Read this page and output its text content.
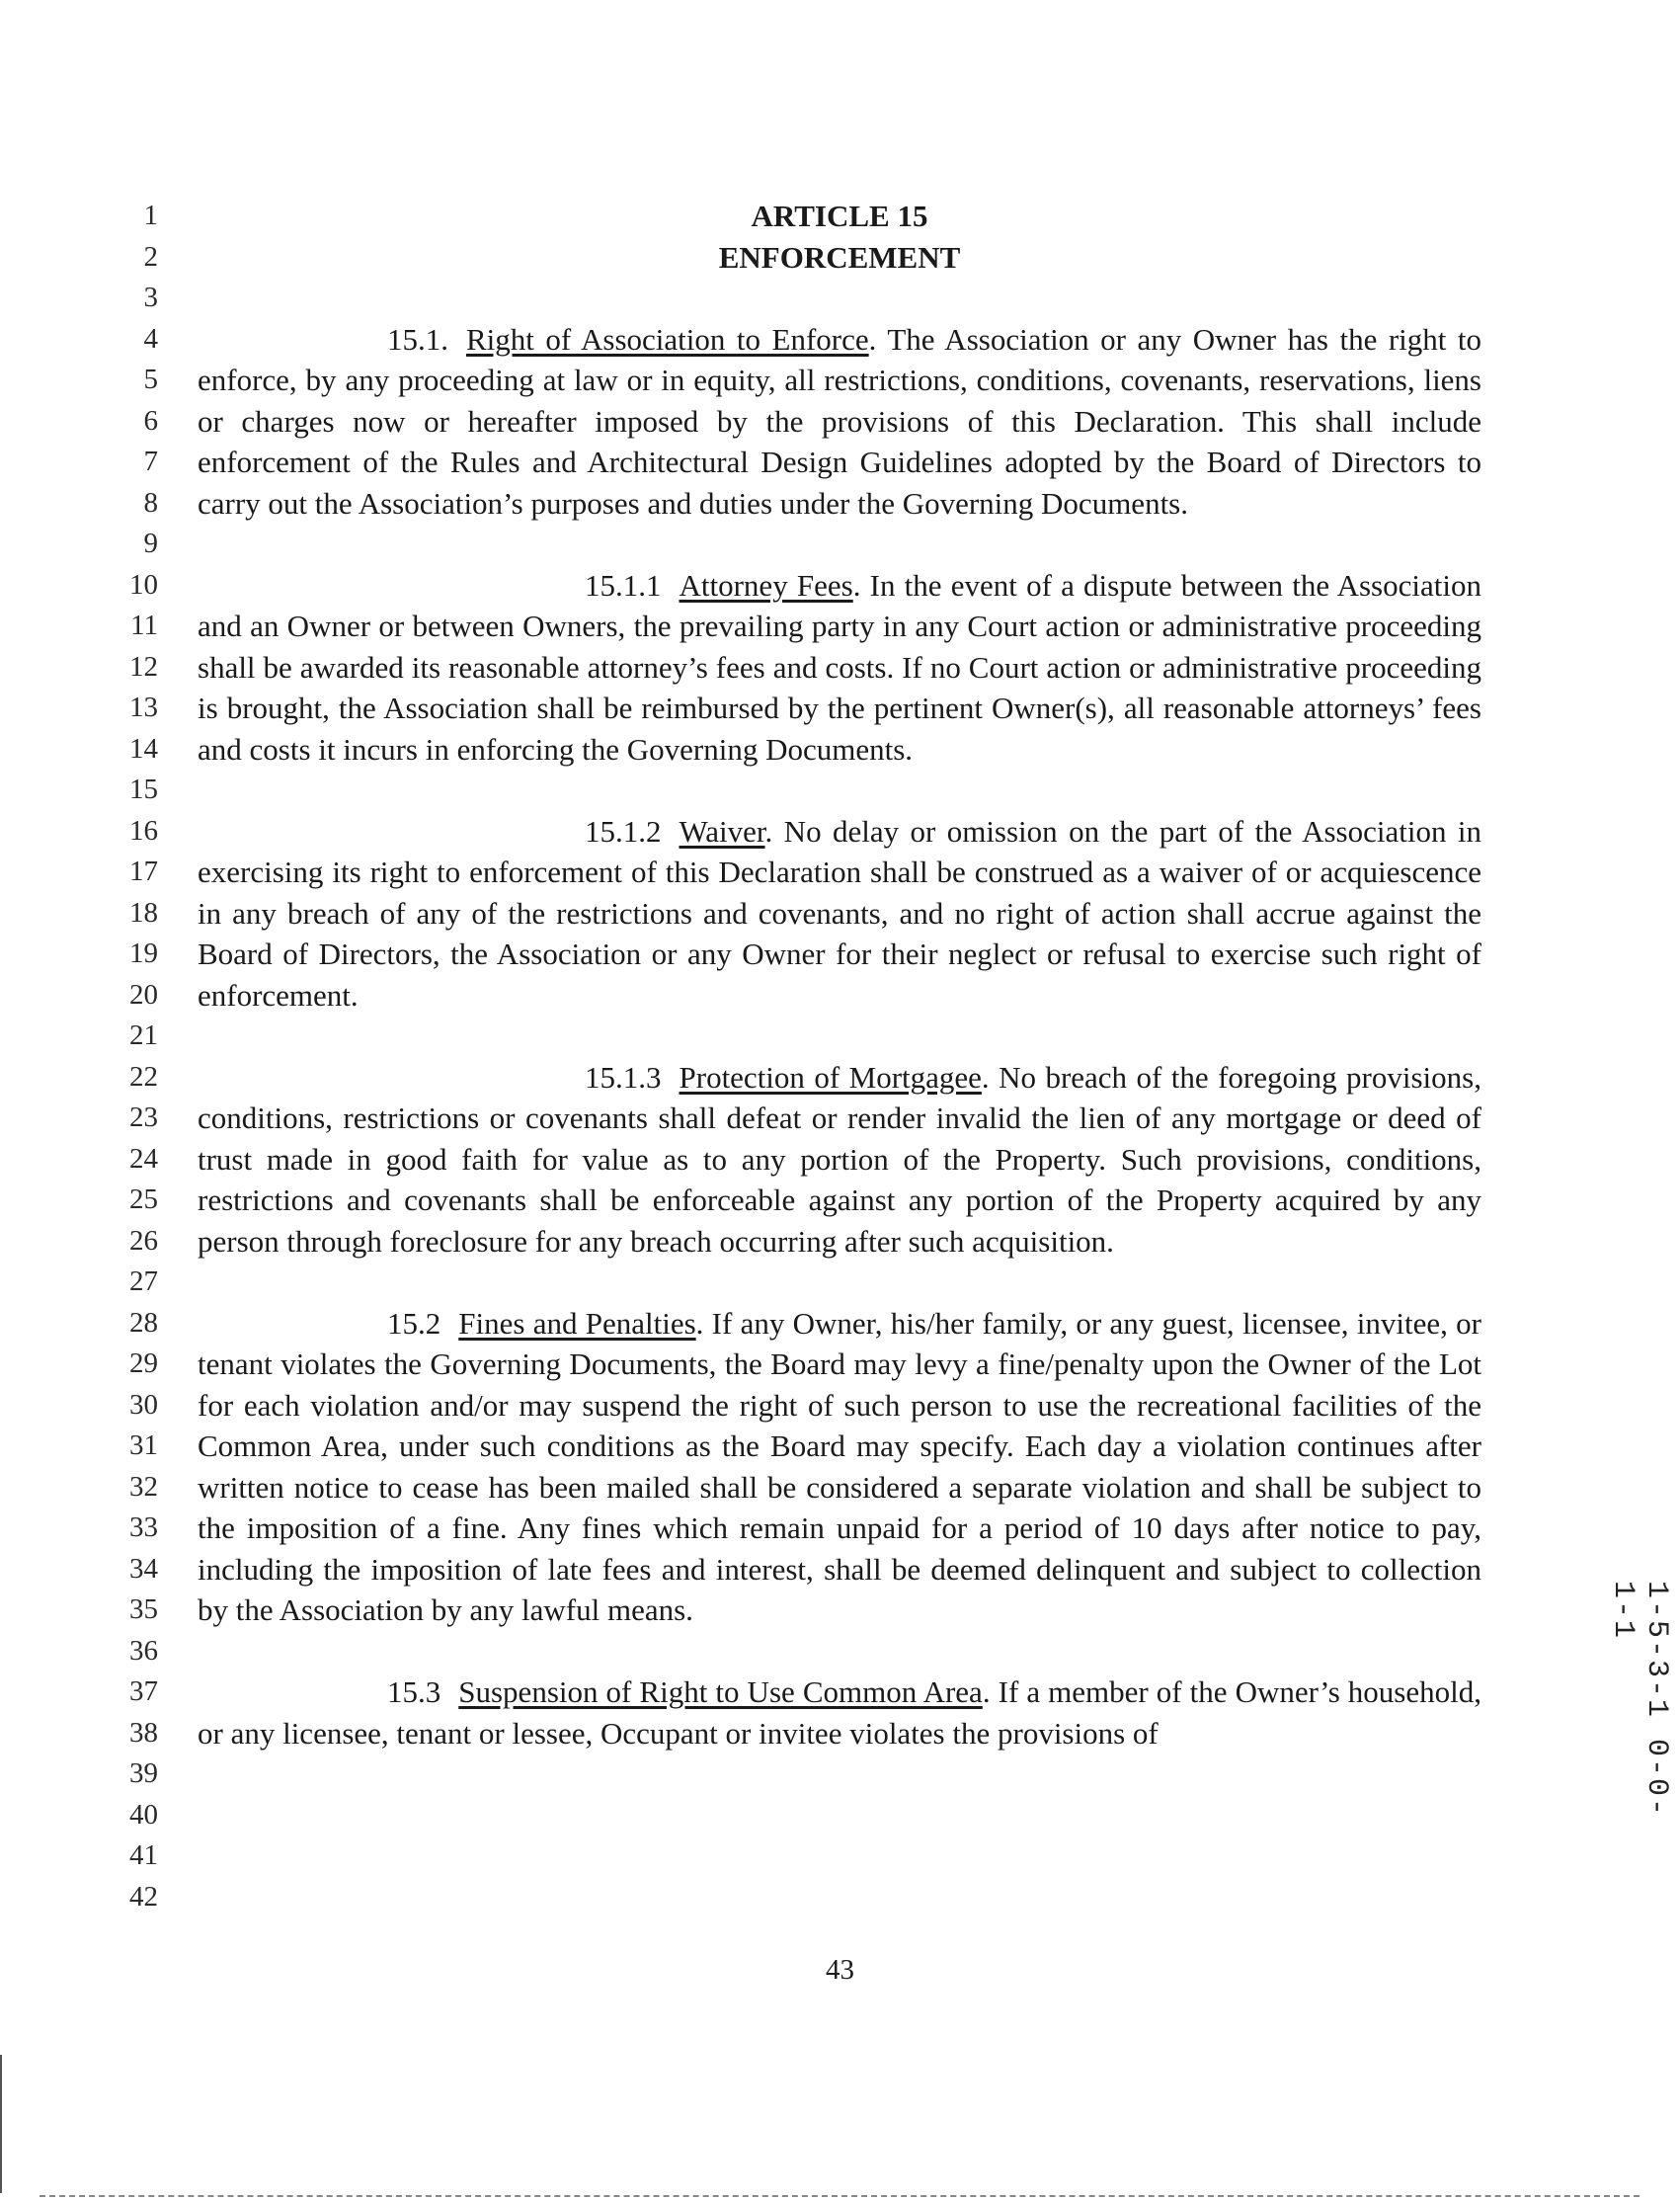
1
2
3
4
5
6
7
8
9
10
11
12
13
14
15
16
17
18
19
20
21
22
23
24
25
26
27
28
29
30
31
32
33
34
35
36
37
38
39
40
41
42
ARTICLE 15
ENFORCEMENT

15.1. Right of Association to Enforce. The Association or any Owner has the right to enforce, by any proceeding at law or in equity, all restrictions, conditions, covenants, reservations, liens or charges now or hereafter imposed by the provisions of this Declaration. This shall include enforcement of the Rules and Architectural Design Guidelines adopted by the Board of Directors to carry out the Association’s purposes and duties under the Governing Documents.

15.1.1 Attorney Fees. In the event of a dispute between the Association and an Owner or between Owners, the prevailing party in any Court action or administrative proceeding shall be awarded its reasonable attorney’s fees and costs. If no Court action or administrative proceeding is brought, the Association shall be reimbursed by the pertinent Owner(s), all reasonable attorneys’ fees and costs it incurs in enforcing the Governing Documents.

15.1.2 Waiver. No delay or omission on the part of the Association in exercising its right to enforcement of this Declaration shall be construed as a waiver of or acquiescence in any breach of any of the restrictions and covenants, and no right of action shall accrue against the Board of Directors, the Association or any Owner for their neglect or refusal to exercise such right of enforcement.

15.1.3 Protection of Mortgagee. No breach of the foregoing provisions, conditions, restrictions or covenants shall defeat or render invalid the lien of any mortgage or deed of trust made in good faith for value as to any portion of the Property. Such provisions, conditions, restrictions and covenants shall be enforceable against any portion of the Property acquired by any person through foreclosure for any breach occurring after such acquisition.

15.2 Fines and Penalties. If any Owner, his/her family, or any guest, licensee, invitee, or tenant violates the Governing Documents, the Board may levy a fine/penalty upon the Owner of the Lot for each violation and/or may suspend the right of such person to use the recreational facilities of the Common Area, under such conditions as the Board may specify. Each day a violation continues after written notice to cease has been mailed shall be considered a separate violation and shall be subject to the imposition of a fine. Any fines which remain unpaid for a period of 10 days after notice to pay, including the imposition of late fees and interest, shall be deemed delinquent and subject to collection by the Association by any lawful means.

15.3 Suspension of Right to Use Common Area. If a member of the Owner’s household, or any licensee, tenant or lessee, Occupant or invitee violates the provisions of

43
1-5-3-1 0-0-1-1
